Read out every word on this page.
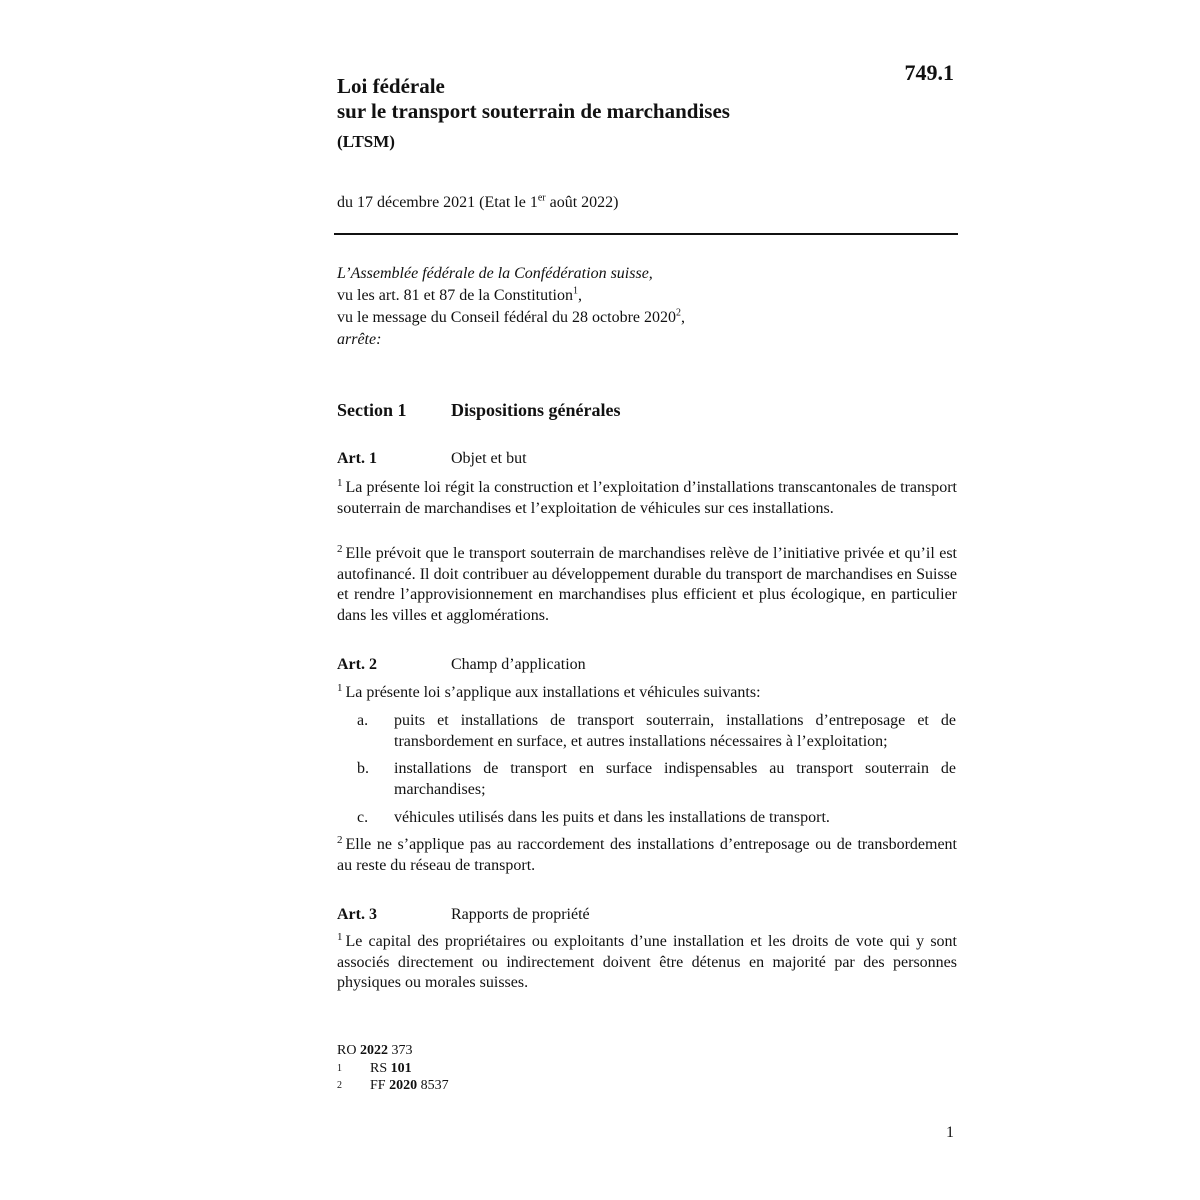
749.1
Loi fédérale
sur le transport souterrain de marchandises
(LTSM)
du 17 décembre 2021 (Etat le 1er août 2022)
L’Assemblée fédérale de la Confédération suisse,
vu les art. 81 et 87 de la Constitution$^1$,
vu le message du Conseil fédéral du 28 octobre 2020$^2$,
arrête:
Section 1 Dispositions générales
Art. 1	Objet et but
$^1$ La présente loi régit la construction et l’exploitation d’installations transcantonales de transport souterrain de marchandises et l’exploitation de véhicules sur ces installations.
$^2$ Elle prévoit que le transport souterrain de marchandises relève de l’initiative privée et qu’il est autofinancé. Il doit contribuer au développement durable du transport de marchandises en Suisse et rendre l’approvisionnement en marchandises plus efficient et plus écologique, en particulier dans les villes et agglomérations.
Art. 2	Champ d’application
$^1$ La présente loi s’applique aux installations et véhicules suivants:
a.	puits et installations de transport souterrain, installations d’entreposage et de transbordement en surface, et autres installations nécessaires à l’exploitation;
b.	installations de transport en surface indispensables au transport souterrain de marchandises;
c.	véhicules utilisés dans les puits et dans les installations de transport.
$^2$ Elle ne s’applique pas au raccordement des installations d’entreposage ou de transbordement au reste du réseau de transport.
Art. 3	Rapports de propriété
$^1$ Le capital des propriétaires ou exploitants d’une installation et les droits de vote qui y sont associés directement ou indirectement doivent être détenus en majorité par des personnes physiques ou morales suisses.
RO 2022 373
1 RS 101
2 FF 2020 8537
1
